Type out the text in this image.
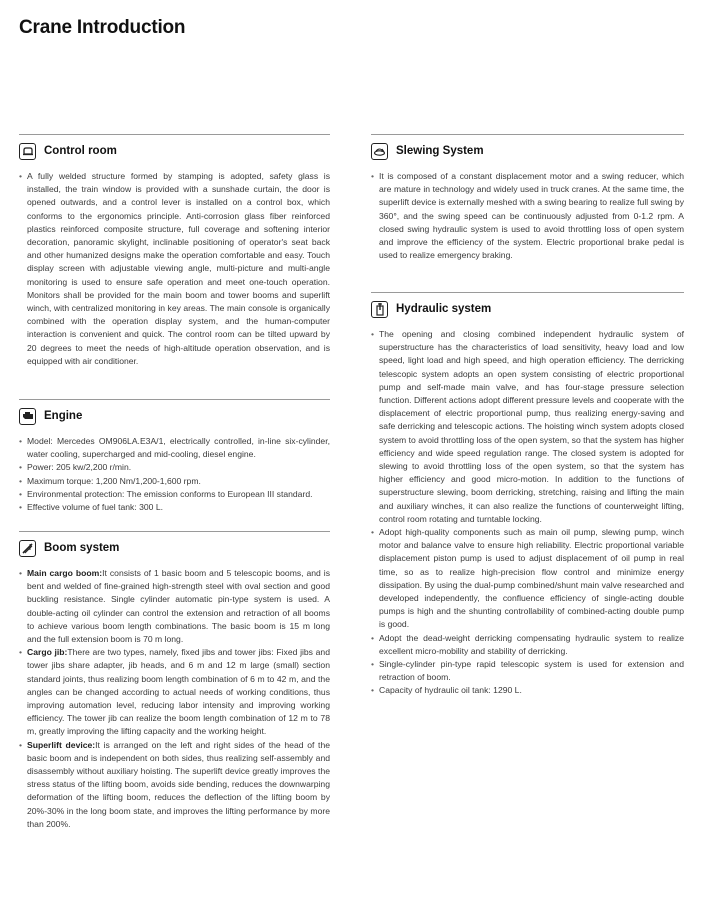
Crane Introduction
Control room
• A fully welded structure formed by stamping is adopted, safety glass is installed, the train window is provided with a sunshade curtain, the door is opened outwards, and a control lever is installed on a control box, which conforms to the ergonomics principle. Anti-corrosion glass fiber reinforced plastics reinforced composite structure, full coverage and softening interior decoration, panoramic skylight, inclinable positioning of operator's seat back and other humanized designs make the operation comfortable and easy. Touch display screen with adjustable viewing angle, multi-picture and multi-angle monitoring is used to ensure safe operation and meet one-touch operation. Monitors shall be provided for the main boom and tower booms and superlift winch, with centralized monitoring in key areas. The main console is organically combined with the operation display system, and the human-computer interaction is convenient and quick. The control room can be tilted upward by 20 degrees to meet the needs of high-altitude operation observation, and is equipped with air conditioner.
Engine
• Model: Mercedes OM906LA.E3A/1, electrically controlled, in-line six-cylinder, water cooling, supercharged and mid-cooling, diesel engine.
• Power: 205 kw/2,200 r/min.
• Maximum torque: 1,200 Nm/1,200-1,600 rpm.
• Environmental protection: The emission conforms to European III standard.
• Effective volume of fuel tank: 300 L.
Boom system
• Main cargo boom:It consists of 1 basic boom and 5 telescopic booms, and is bent and welded of fine-grained high-strength steel with oval section and good buckling resistance. Single cylinder automatic pin-type system is used. A double-acting oil cylinder can control the extension and retraction of all booms to achieve various boom length combinations. The basic boom is 15 m long and the full extension boom is 70 m long.
• Cargo jib:There are two types, namely, fixed jibs and tower jibs: Fixed jibs and tower jibs share adapter, jib heads, and 6 m and 12 m large (small) section standard joints, thus realizing boom length combination of 6 m to 42 m, and the angles can be changed according to actual needs of working conditions, thus improving automation level, reducing labor intensity and improving working efficiency. The tower jib can realize the boom length combination of 12 m to 78 m, greatly improving the lifting capacity and the working height.
• Superlift device:It is arranged on the left and right sides of the head of the basic boom and is independent on both sides, thus realizing self-assembly and disassembly without auxiliary hoisting. The superlift device greatly improves the stress status of the lifting boom, avoids side bending, reduces the downwarping deformation of the lifting boom, reduces the deflection of the lifting boom by 20%-30% in the long boom state, and improves the lifting performance by more than 200%.
Slewing System
• It is composed of a constant displacement motor and a swing reducer, which are mature in technology and widely used in truck cranes. At the same time, the superlift device is externally meshed with a swing bearing to realize full swing by 360°, and the swing speed can be continuously adjusted from 0-1.2 rpm. A closed swing hydraulic system is used to avoid throttling loss of open system and improve the efficiency of the system. Electric proportional brake pedal is used to realize emergency braking.
Hydraulic system
• The opening and closing combined independent hydraulic system of superstructure has the characteristics of load sensitivity, heavy load and low speed, light load and high speed, and high operation efficiency. The derricking telescopic system adopts an open system consisting of electric proportional pump and self-made main valve, and has four-stage pressure selection function. Different actions adopt different pressure levels and cooperate with the displacement of electric proportional pump, thus realizing energy-saving and safe derricking and telescopic actions. The hoisting winch system adopts closed system to avoid throttling loss of the open system, so that the system has higher efficiency and wide speed regulation range. The closed system is adopted for slewing to avoid throttling loss of the open system, so that the system has higher efficiency and good micro-motion. In addition to the functions of superstructure slewing, boom derricking, stretching, raising and lifting the main and auxiliary winches, it can also realize the functions of counterweight lifting, control room rotating and turntable locking.
• Adopt high-quality components such as main oil pump, slewing pump, winch motor and balance valve to ensure high reliability. Electric proportional variable displacement piston pump is used to adjust displacement of oil pump in real time, so as to realize high-precision flow control and minimize energy dissipation. By using the dual-pump combined/shunt main valve researched and developed independently, the confluence efficiency of single-acting double pumps is high and the shunting controllability of combined-acting double pump is good.
• Adopt the dead-weight derricking compensating hydraulic system to realize excellent micro-mobility and stability of derricking.
• Single-cylinder pin-type rapid telescopic system is used for extension and retraction of boom.
• Capacity of hydraulic oil tank: 1290 L.
